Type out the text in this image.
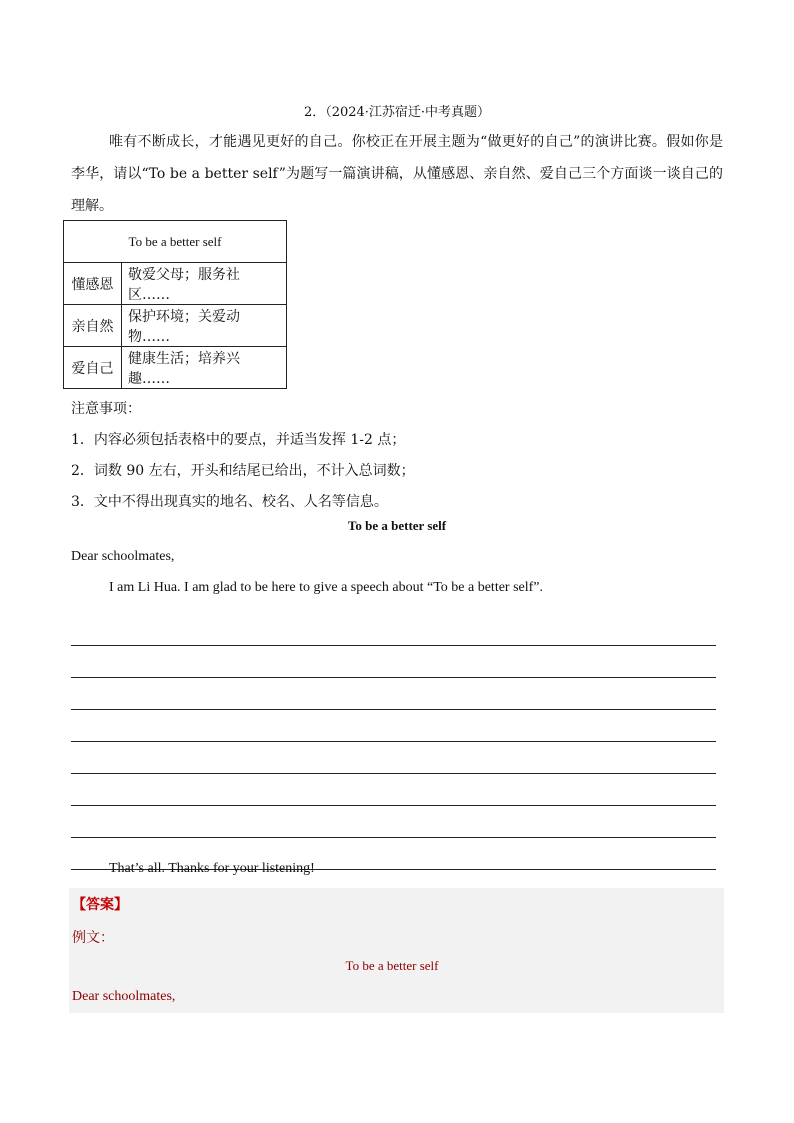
2．（2024·江苏宿迁·中考真题）
唯有不断成长，才能遇见更好的自己。你校正在开展主题为“做更好的自己”的演讲比赛。假如你是李华，请以“To be a better self”为题写一篇演讲稿，从懂感恩、亲自然、爱自己三个方面谈一谈自己的理解。
To be a better self	
懂感恩	敬爱父母；服务社区……
亲自然	保护环境；关爱动物……
爱自己	健康生活；培养兴趣……
注意事项：
1．内容必须包括表格中的要点，并适当发挥 1-2 点；
2．词数 90 左右，开头和结尾已给出，不计入总词数；
3．文中不得出现真实的地名、校名、人名等信息。
To be a better self
Dear schoolmates,
I am Li Hua. I am glad to be here to give a speech about “To be a better self”.
That’s all. Thanks for your listening!
【答案】
例文：
To be a better self
Dear schoolmates,
